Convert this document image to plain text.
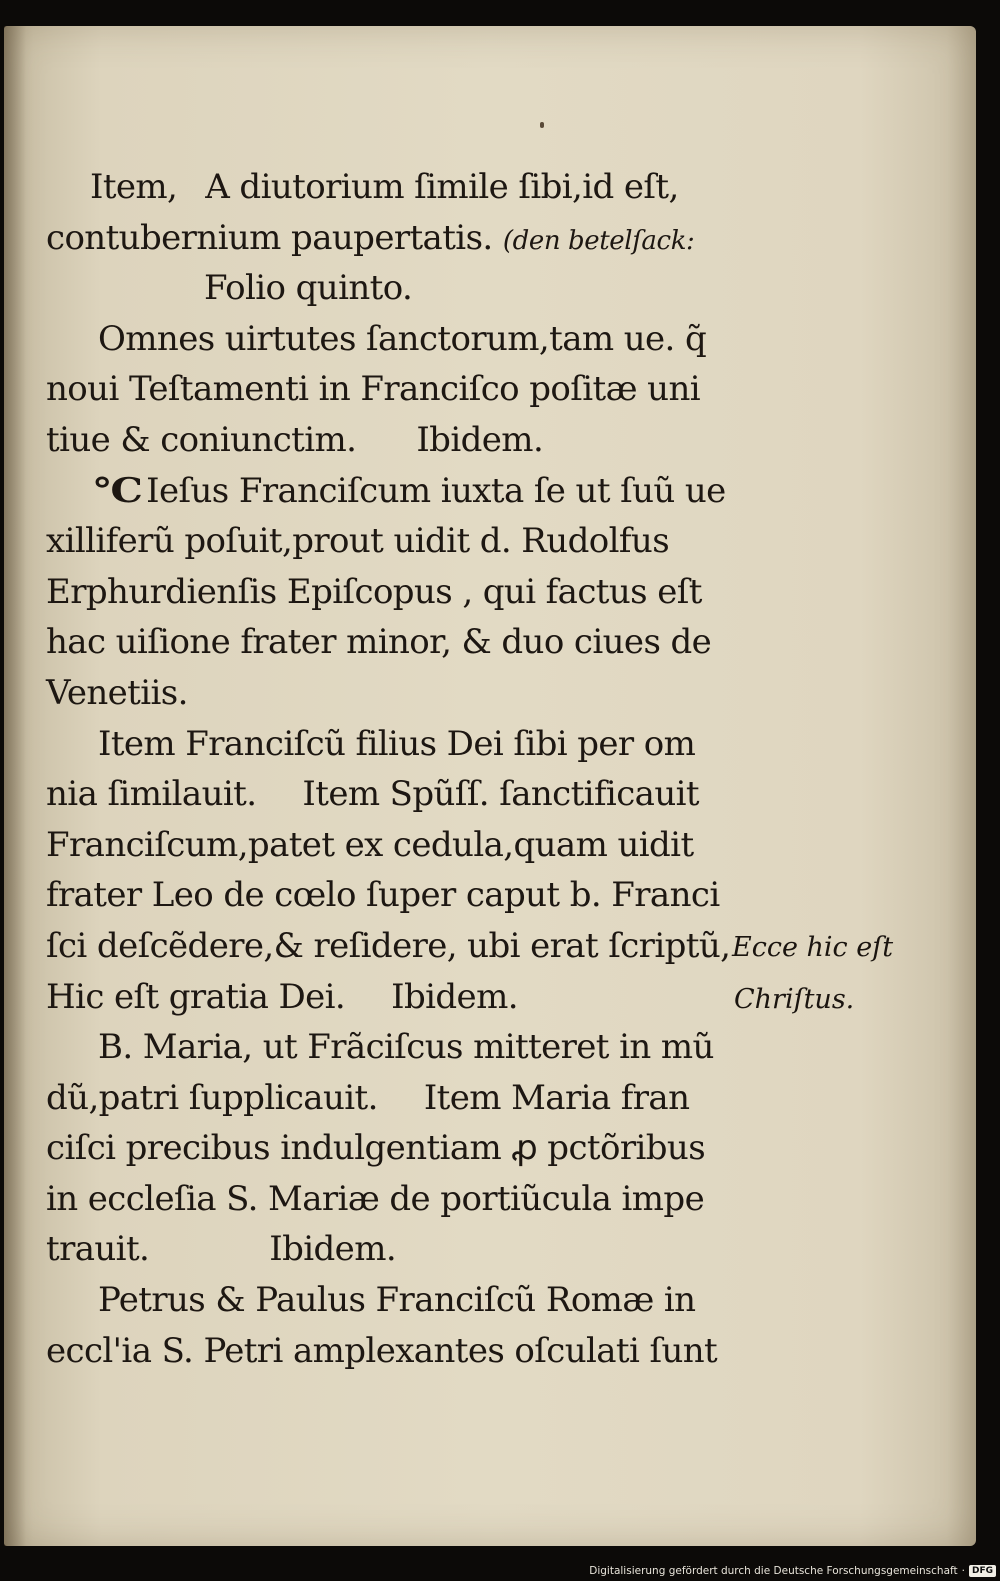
Item, A diutorium ſimile ſibi,id eſt,
contubernium paupertatis. (den betelſack:
Folio quinto.
Omnes uirtutes ſanctorum,tam ue. q̃
noui Teſtamenti in Franciſco poſitæ uni
tiue & coniunctim. Ibidem.
℃ Ieſus Franciſcum iuxta ſe ut ſuũ ue
xilliferũ poſuit,prout uidit d. Rudolfus
Erphurdienſis Epiſcopus , qui factus eſt
hac uiſione frater minor, & duo ciues de
Venetiis.
Item Franciſcũ filius Dei ſibi per om
nia ſimilauit. Item Spũſſ. ſanctificauit
Franciſcum,patet ex cedula,quam uidit
frater Leo de cœlo ſuper caput b. Franci
ſci deſcẽdere,& reſidere, ubi erat ſcriptũ,
Hic eſt gratia Dei. Ibidem.
B. Maria, ut Frãciſcus mitteret in mũ
dũ,patri ſupplicauit. Item Maria fran
ciſci precibus indulgentiam ꝓ pctõribus
in eccleſia S. Mariæ de portiũcula impe
trauit.	Ibidem.
Petrus & Paulus Franciſcũ Romæ in
eccl'ia S. Petri amplexantes oſculati ſunt
Ecce hic eſt
Chriſtus.
Digitalisierung gefördert durch die Deutsche Forschungsgemeinschaft · DFG
